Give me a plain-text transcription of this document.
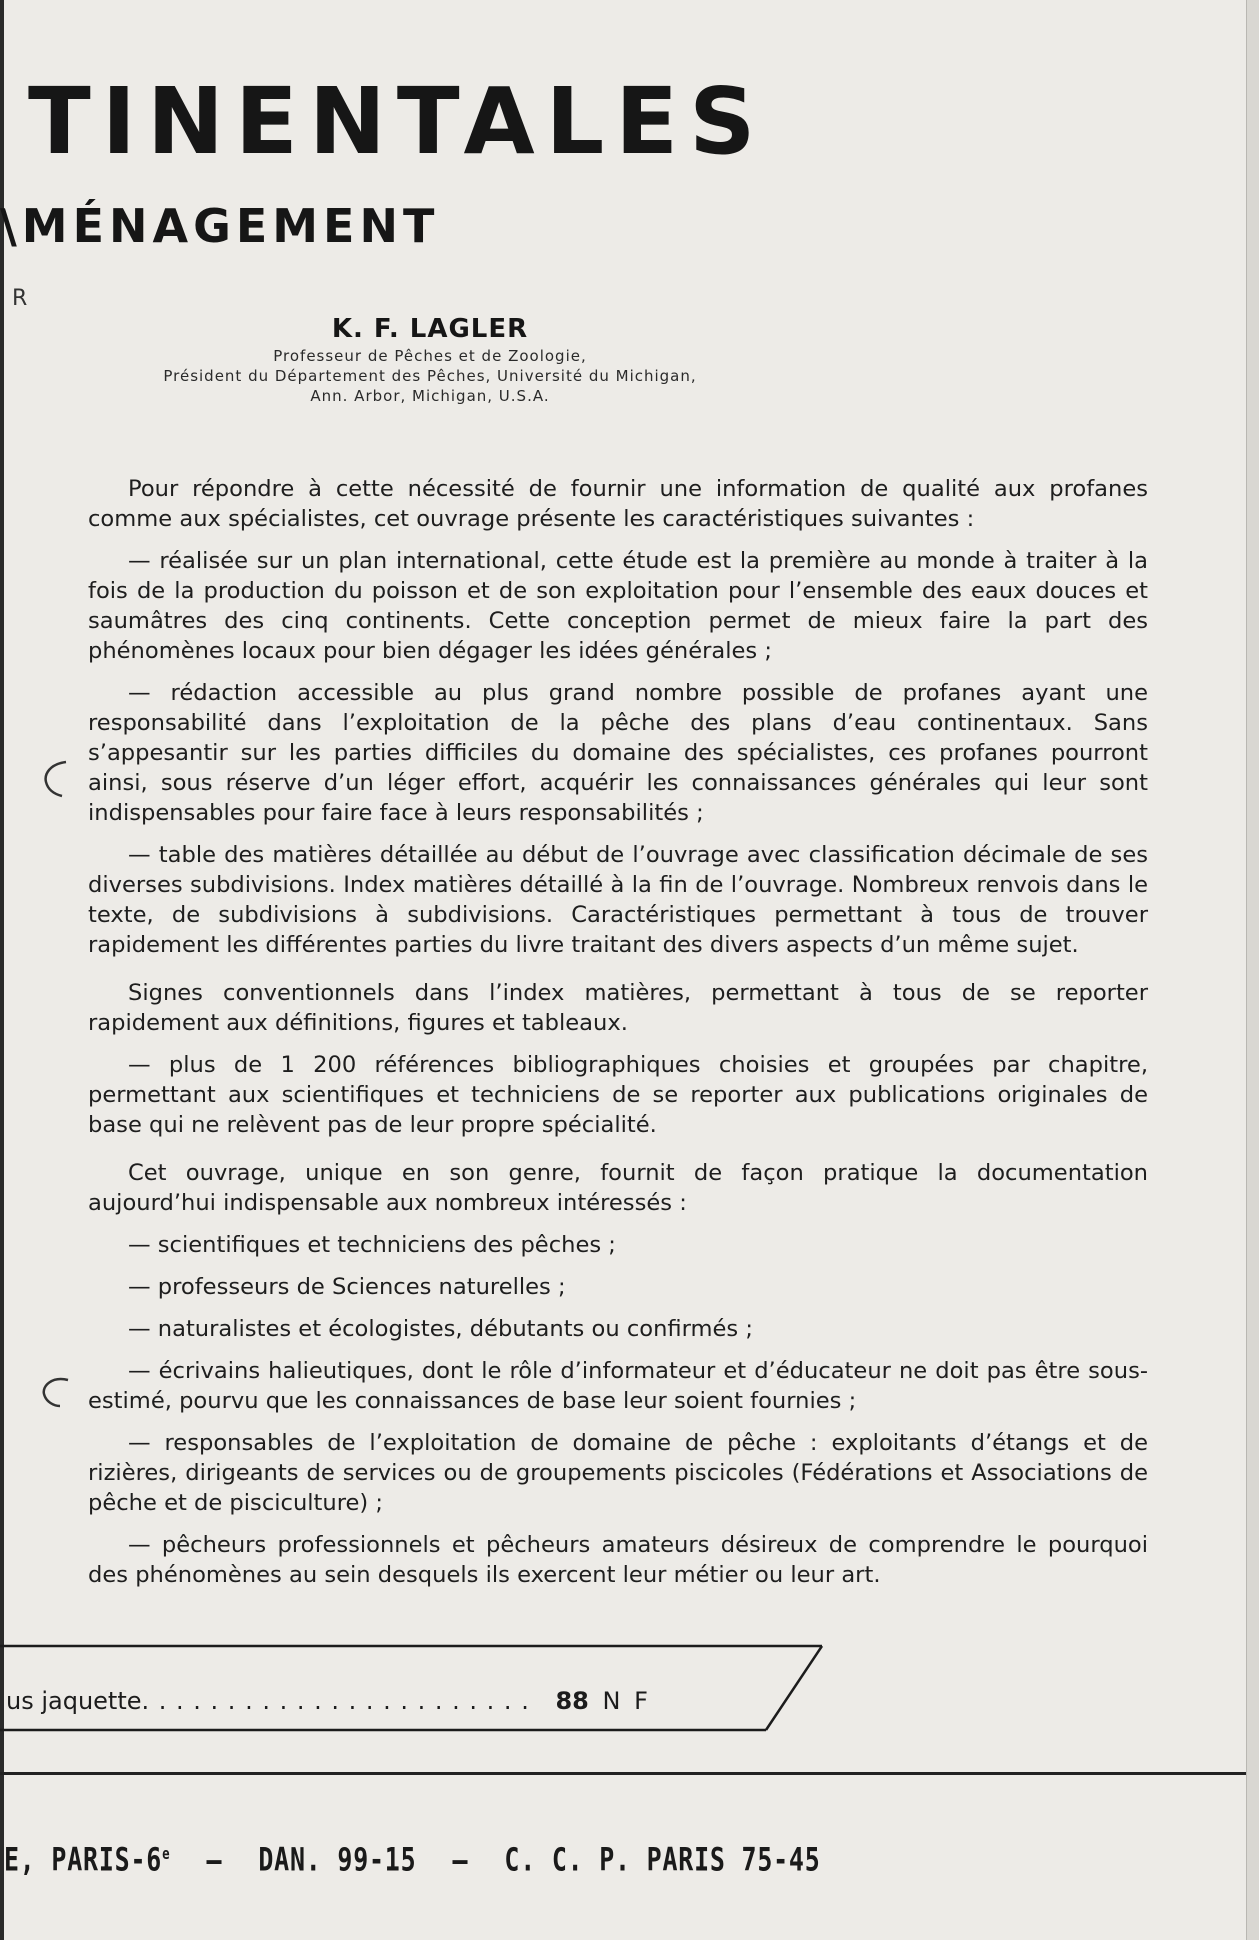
TINENTALES
\MÉNAGEMENT
R
K. F. LAGLER
Professeur de Pêches et de Zoologie,
Président du Département des Pêches, Université du Michigan,
Ann. Arbor, Michigan, U.S.A.

Pour répondre à cette nécessité de fournir une information de qualité aux profanes comme aux spécialistes, cet ouvrage présente les caractéristiques suivantes :

— réalisée sur un plan international, cette étude est la première au monde à traiter à la fois de la production du poisson et de son exploitation pour l’ensemble des eaux douces et saumâtres des cinq continents. Cette conception permet de mieux faire la part des phénomènes locaux pour bien dégager les idées générales ;

— rédaction accessible au plus grand nombre possible de profanes ayant une responsabilité dans l’exploitation de la pêche des plans d’eau continentaux. Sans s’appesantir sur les parties difficiles du domaine des spécialistes, ces profanes pourront ainsi, sous réserve d’un léger effort, acquérir les connaissances générales qui leur sont indispensables pour faire face à leurs responsabilités ;

— table des matières détaillée au début de l’ouvrage avec classification décimale de ses diverses subdivisions. Index matières détaillé à la fin de l’ouvrage. Nombreux renvois dans le texte, de subdivisions à subdivisions. Caractéristiques permettant à tous de trouver rapidement les différentes parties du livre traitant des divers aspects d’un même sujet.

Signes conventionnels dans l’index matières, permettant à tous de se reporter rapidement aux définitions, figures et tableaux.

— plus de 1 200 références bibliographiques choisies et groupées par chapitre, permettant aux scientifiques et techniciens de se reporter aux publications originales de base qui ne relèvent pas de leur propre spécialité.

Cet ouvrage, unique en son genre, fournit de façon pratique la documentation aujourd’hui indispensable aux nombreux intéressés :

— scientifiques et techniciens des pêches ;

— professeurs de Sciences naturelles ;

— naturalistes et écologistes, débutants ou confirmés ;

— écrivains halieutiques, dont le rôle d’informateur et d’éducateur ne doit pas être sous-estimé, pourvu que les connaissances de base leur soient fournies ;

— responsables de l’exploitation de domaine de pêche : exploitants d’étangs et de rizières, dirigeants de services ou de groupements piscicoles (Fédérations et Associations de pêche et de pisciculture) ;

— pêcheurs professionnels et pêcheurs amateurs désireux de comprendre le pourquoi des phénomènes au sein desquels ils exercent leur métier ou leur art.

us jaquette. . . . . . . . . . . . . . . . . . . . . . . 88 N F
E, PARIS-6e — DAN. 99-15 — C. C. P. PARIS 75-45
